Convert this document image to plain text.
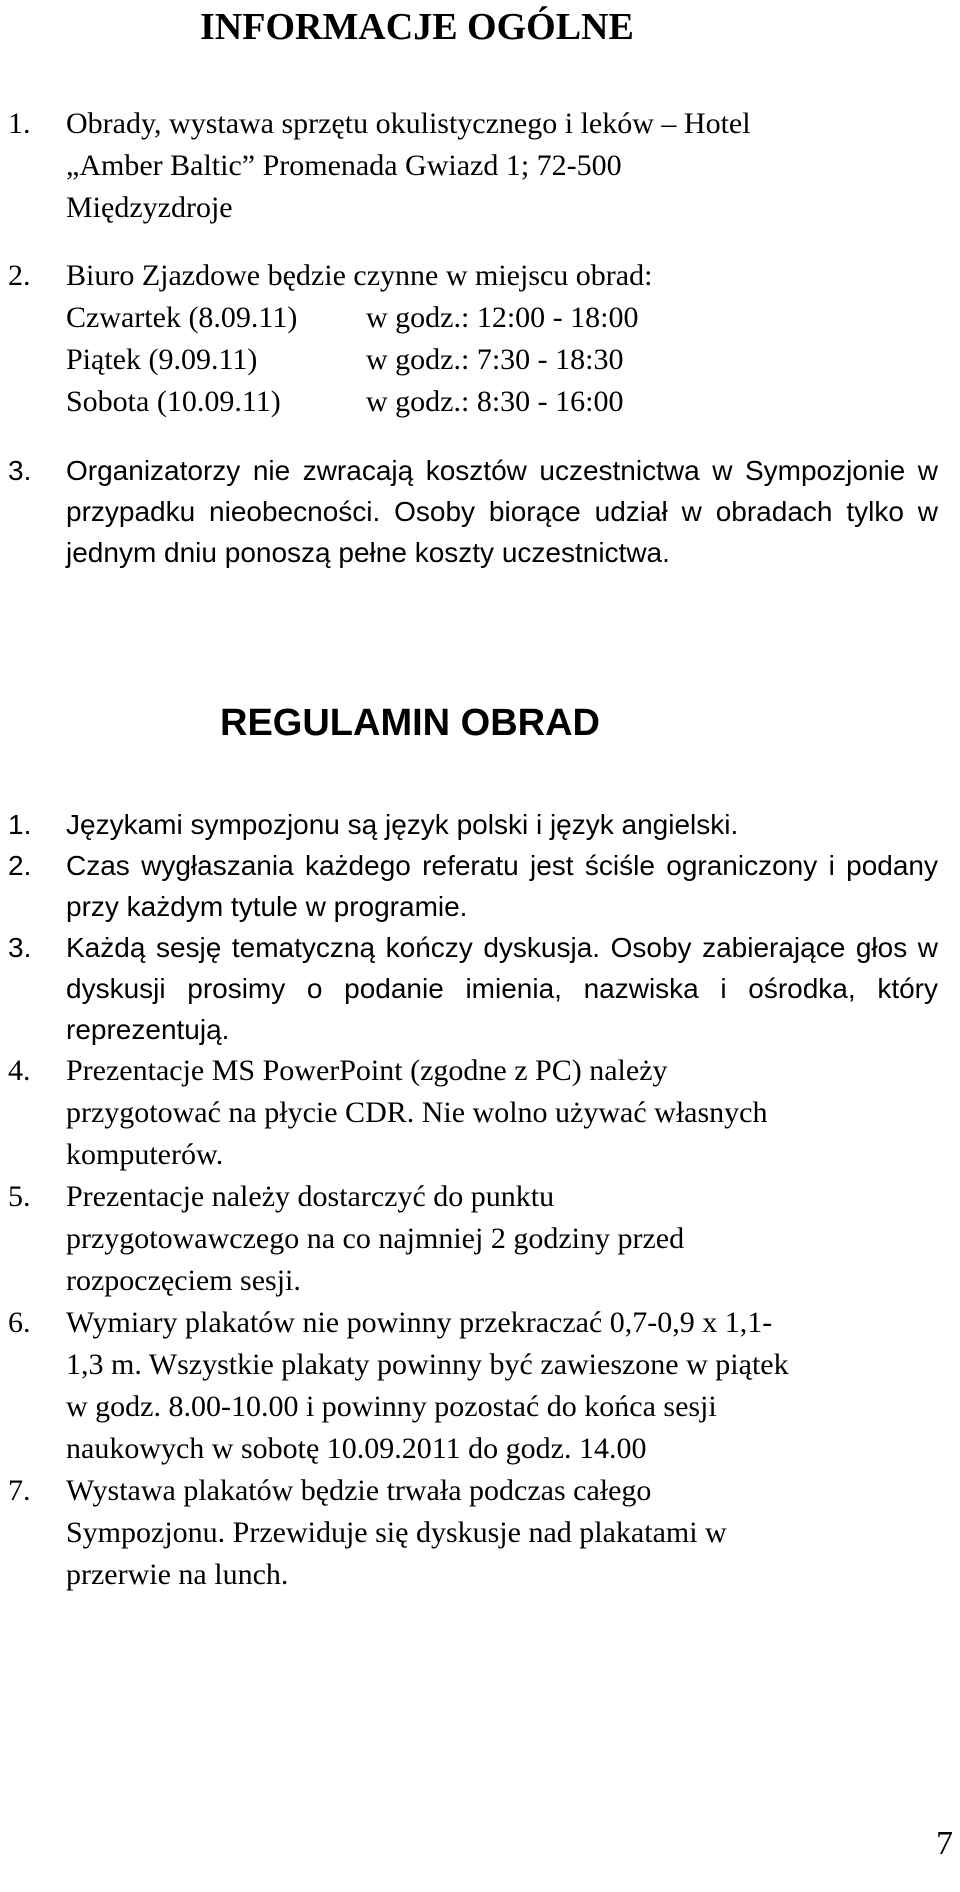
INFORMACJE OGÓLNE
1.	Obrady, wystawa sprzętu okulistycznego i leków – Hotel
„Amber Baltic” Promenada Gwiazd 1; 72-500
Międzyzdroje
2.	Biuro Zjazdowe będzie czynne w miejscu obrad:
Czwartek (8.09.11)	w godz.: 12:00 - 18:00
Piątek (9.09.11)	w godz.: 7:30 - 18:30
Sobota (10.09.11)	w godz.: 8:30 - 16:00
3.	Organizatorzy nie zwracają kosztów uczestnictwa w Sympozjonie w przypadku nieobecności. Osoby biorące udział w obradach tylko w jednym dniu ponoszą pełne koszty uczestnictwa.
REGULAMIN OBRAD
1.	Językami sympozjonu są język polski i język angielski.
2.	Czas wygłaszania każdego referatu jest ściśle ograniczony i podany przy każdym tytule w programie.
3.	Każdą sesję tematyczną kończy dyskusja. Osoby zabierające głos w dyskusji prosimy o podanie imienia, nazwiska i ośrodka, który reprezentują.
4.	Prezentacje MS PowerPoint (zgodne z PC) należy
przygotować na płycie CDR. Nie wolno używać własnych
komputerów.
5.	Prezentacje należy dostarczyć do punktu
przygotowawczego na co najmniej 2 godziny przed
rozpoczęciem sesji.
6.	Wymiary plakatów nie powinny przekraczać 0,7-0,9 x 1,1-
1,3 m. Wszystkie plakaty powinny być zawieszone w piątek
w godz. 8.00-10.00 i powinny pozostać do końca sesji
naukowych w sobotę 10.09.2011 do godz. 14.00
7.	Wystawa plakatów będzie trwała podczas całego
Sympozjonu. Przewiduje się dyskusje nad plakatami w
przerwie na lunch.
7
